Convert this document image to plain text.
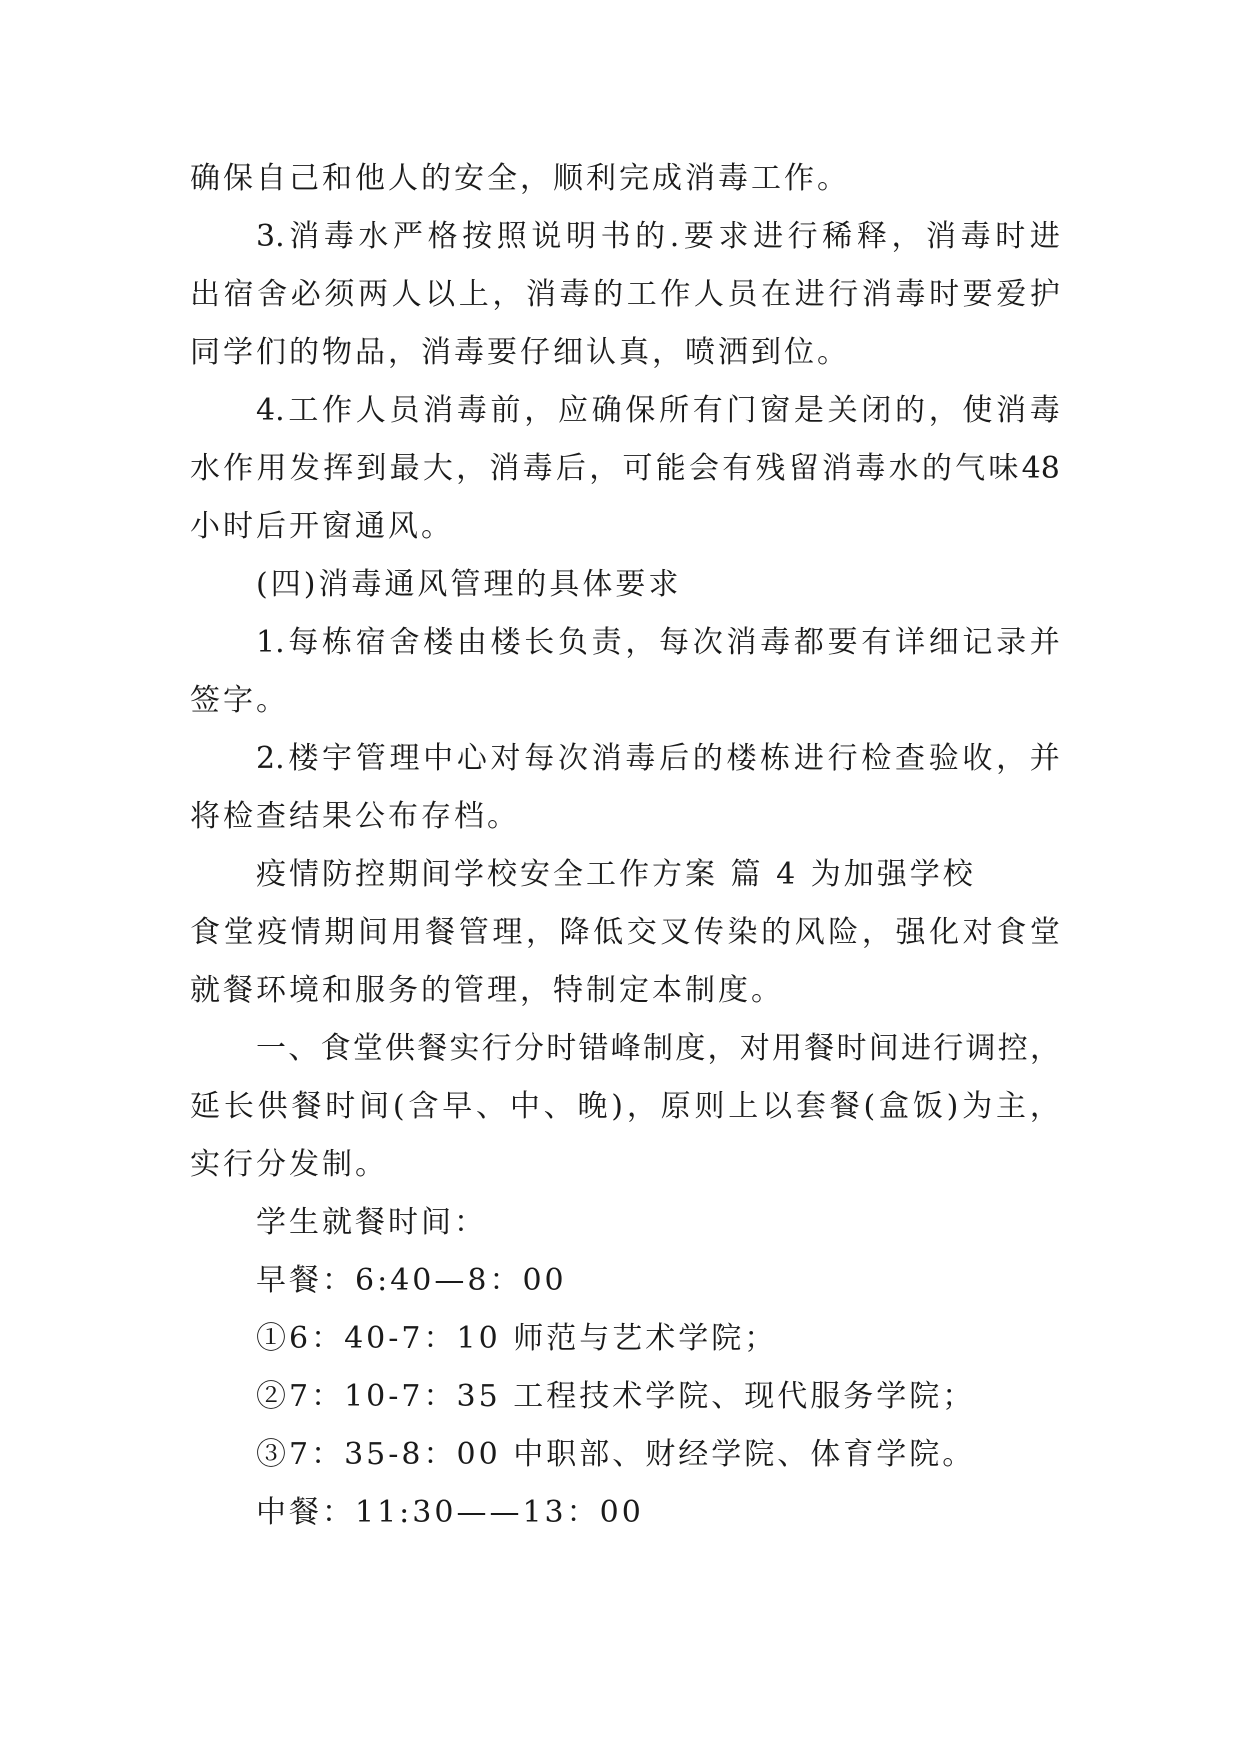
确保自己和他人的安全，顺利完成消毒工作。
3. 消 毒 水 严 格 按 照 说 明 书 的 . 要 求 进 行 稀 释 ， 消 毒 时 进
出 宿 舍 必 须 两 人 以 上 ， 消 毒 的 工 作 人 员 在 进 行 消 毒 时 要 爱 护
同学们的物品，消毒要仔细认真，喷洒到位。
4. 工 作 人 员 消 毒 前 ， 应 确 保 所 有 门 窗 是 关 闭 的 ， 使 消 毒
水 作 用 发 挥 到 最 大 ， 消 毒 后 ， 可 能 会 有 残 留 消 毒 水 的 气 味 48
小时后开窗通风。
(四)消毒通风管理的具体要求
1. 每 栋 宿 舍 楼 由 楼 长 负 责 ， 每 次 消 毒 都 要 有 详 细 记 录 并
签字。
2. 楼 宇 管 理 中 心 对 每 次 消 毒 后 的 楼 栋 进 行 检 查 验 收 ， 并
将检查结果公布存档。
疫情防控期间学校安全工作方案 篇 4 为加强学校
食 堂 疫 情 期 间 用 餐 管 理 ， 降 低 交 叉 传 染 的 风 险 ， 强 化 对 食 堂
就餐环境和服务的管理，特制定本制度。
一 、 食 堂 供 餐 实 行 分 时 错 峰 制 度 ， 对 用 餐 时 间 进 行 调 控 ，
延 长 供 餐 时 间 ( 含 早 、 中 、 晚 ) ， 原 则 上 以 套 餐 ( 盒 饭 ) 为 主 ，
实行分发制。
学生就餐时间：
早餐：6:40—8：00
①6：40-7：10 师范与艺术学院；
②7：10-7：35 工程技术学院、现代服务学院；
③7：35-8：00 中职部、财经学院、体育学院。
中餐：11:30——13：00
